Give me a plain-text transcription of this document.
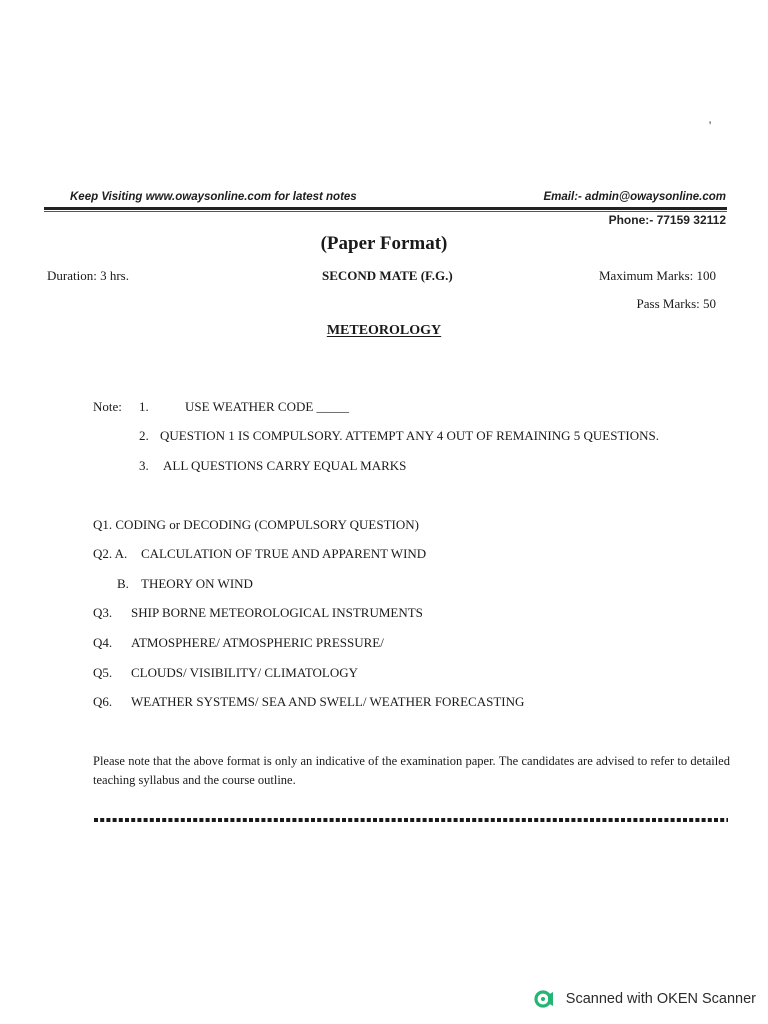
'
Keep Visiting www.owaysonline.com for latest notes	Email:- admin@owaysonline.com
Phone:- 77159 32112
(Paper Format)
Duration: 3 hrs.	SECOND MATE (F.G.)	Maximum Marks: 100
Pass Marks: 50
METEOROLOGY
Note: 1.	USE WEATHER CODE _____
2. QUESTION 1 IS COMPULSORY. ATTEMPT ANY 4 OUT OF REMAINING 5 QUESTIONS.
3. ALL QUESTIONS CARRY EQUAL MARKS
Q1. CODING or DECODING (COMPULSORY QUESTION)
Q2. A. CALCULATION OF TRUE AND APPARENT WIND
B. THEORY ON WIND
Q3. SHIP BORNE METEOROLOGICAL INSTRUMENTS
Q4. ATMOSPHERE/ ATMOSPHERIC PRESSURE/
Q5. CLOUDS/ VISIBILITY/ CLIMATOLOGY
Q6. WEATHER SYSTEMS/ SEA AND SWELL/ WEATHER FORECASTING
Please note that the above format is only an indicative of the examination paper. The candidates are advised to refer to detailed teaching syllabus and the course outline.
Scanned with OKEN Scanner
